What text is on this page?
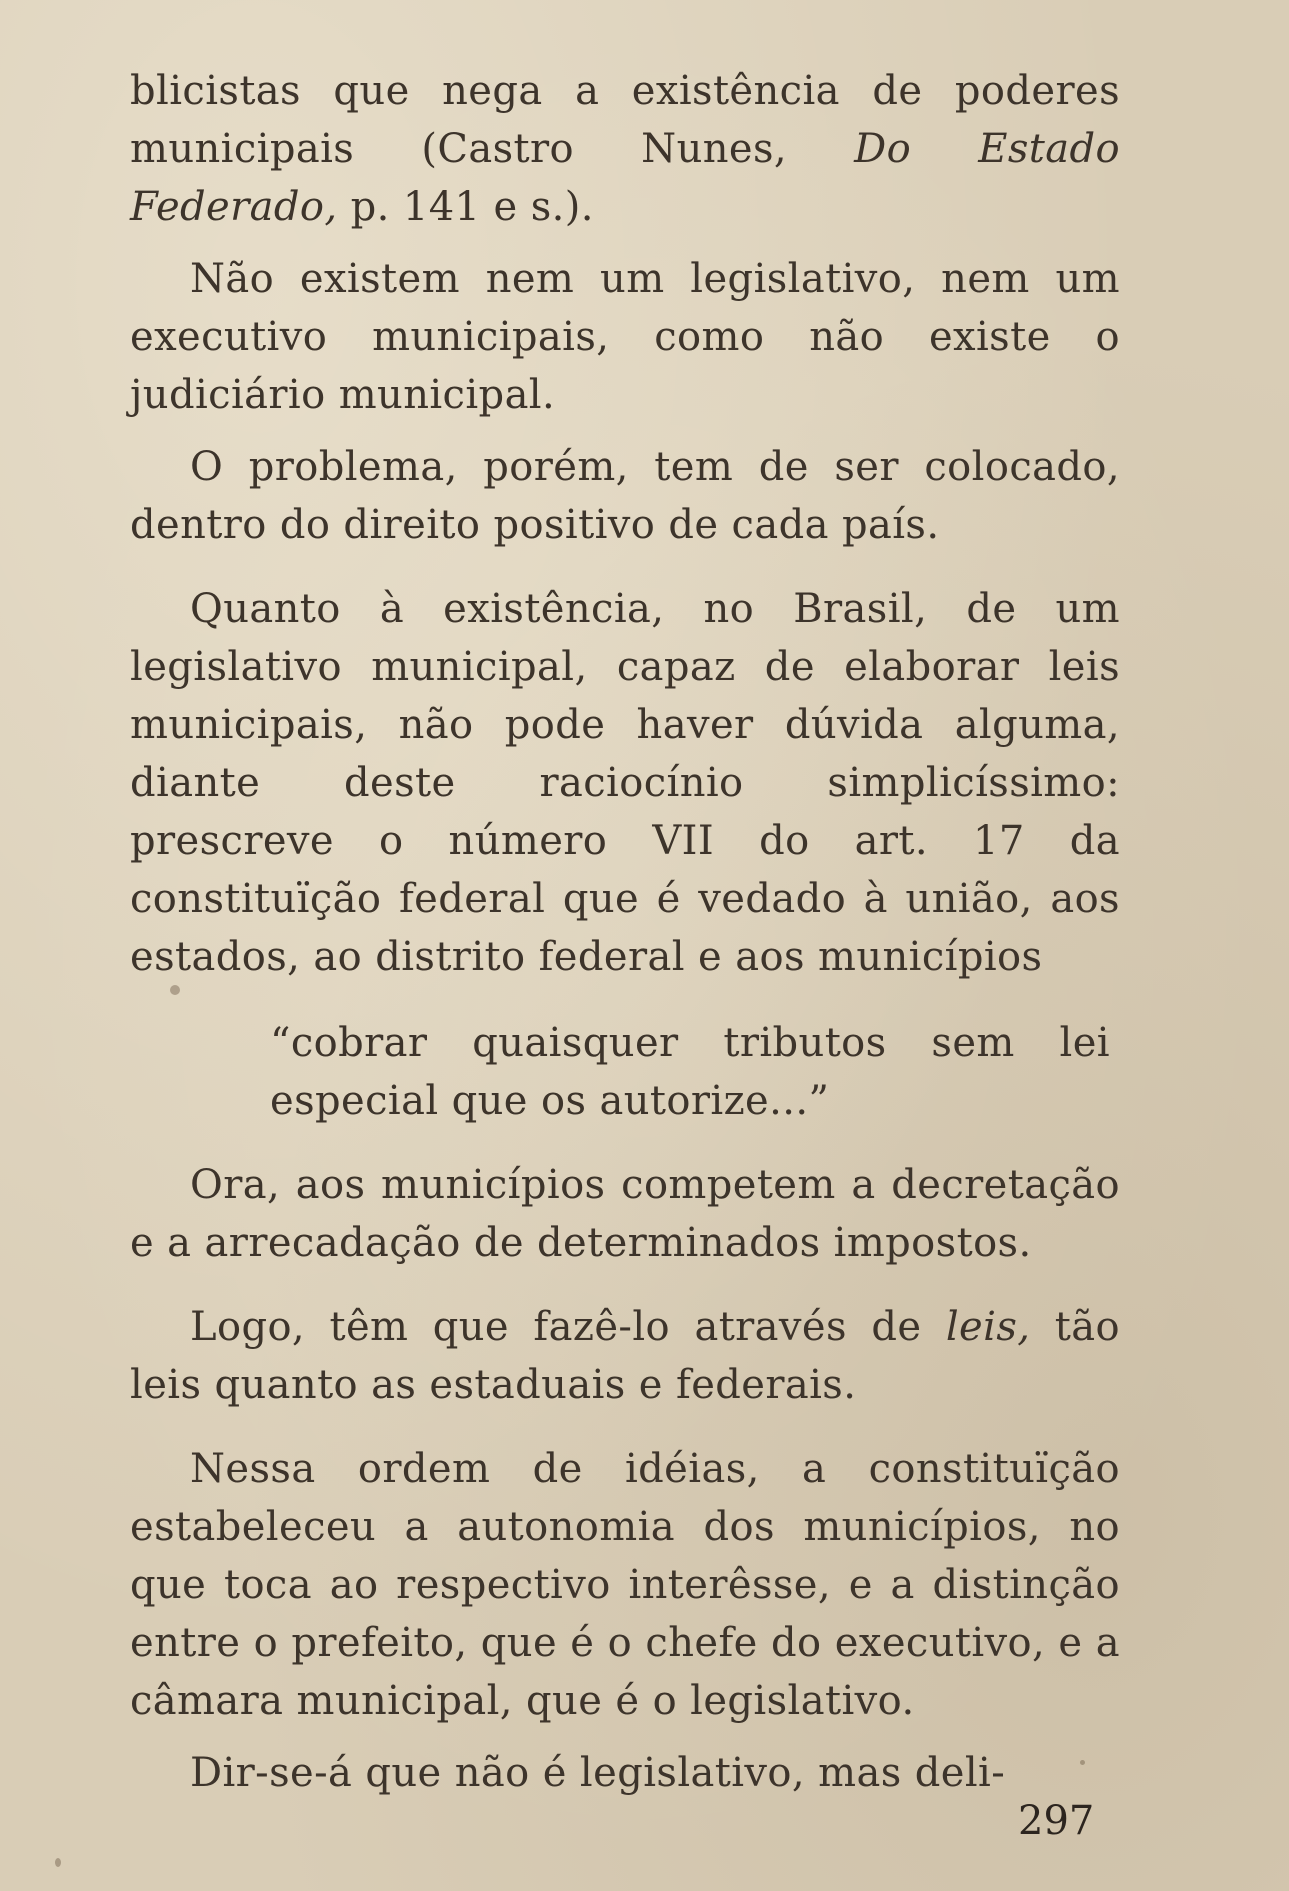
blicistas que nega a existência de poderes municipais (Castro Nunes, Do Estado Federado, p. 141 e s.).

Não existem nem um legislativo, nem um executivo municipais, como não existe o judiciário municipal.

O problema, porém, tem de ser colocado, dentro do direito positivo de cada país.

Quanto à existência, no Brasil, de um legislativo municipal, capaz de elaborar leis municipais, não pode haver dúvida alguma, diante deste raciocínio simplicíssimo: prescreve o número VII do art. 17 da constituïção federal que é vedado à união, aos estados, ao distrito federal e aos municípios

“cobrar quaisquer tributos sem lei especial que os autorize...”

Ora, aos municípios competem a decretação e a arrecadação de determinados impostos.

Logo, têm que fazê-lo através de leis, tão leis quanto as estaduais e federais.

Nessa ordem de idéias, a constituïção estabeleceu a autonomia dos municípios, no que toca ao respectivo interêsse, e a distinção entre o prefeito, que é o chefe do executivo, e a câmara municipal, que é o legislativo.

Dir-se-á que não é legislativo, mas deli-

297
